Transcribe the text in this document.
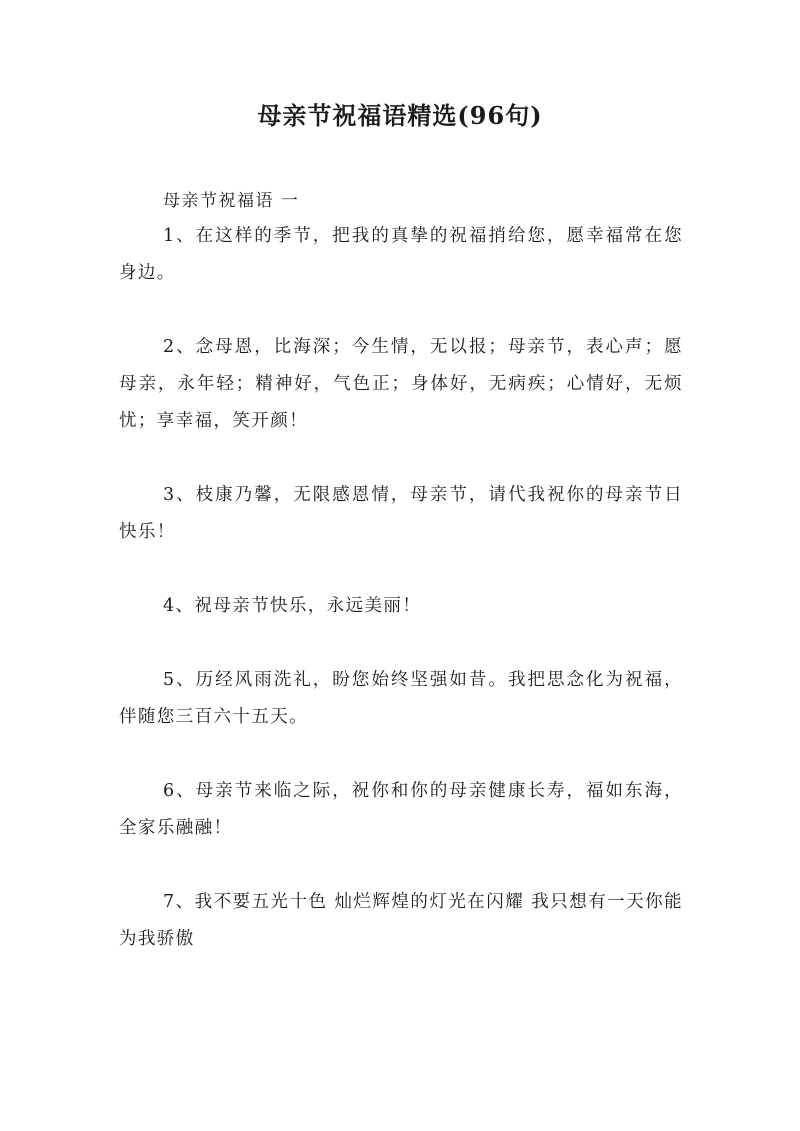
母亲节祝福语精选(96句)

母亲节祝福语 一

1、在这样的季节，把我的真挚的祝福捎给您，愿幸福常在您身边。

2、念母恩，比海深；今生情，无以报；母亲节，表心声；愿母亲，永年轻；精神好，气色正；身体好，无病疾；心情好，无烦忧；享幸福，笑开颜！

3、枝康乃馨，无限感恩情，母亲节，请代我祝你的母亲节日快乐！

4、祝母亲节快乐，永远美丽！

5、历经风雨洗礼，盼您始终坚强如昔。我把思念化为祝福，伴随您三百六十五天。

6、母亲节来临之际，祝你和你的母亲健康长寿，福如东海，全家乐融融！

7、我不要五光十色 灿烂辉煌的灯光在闪耀 我只想有一天你能为我骄傲
